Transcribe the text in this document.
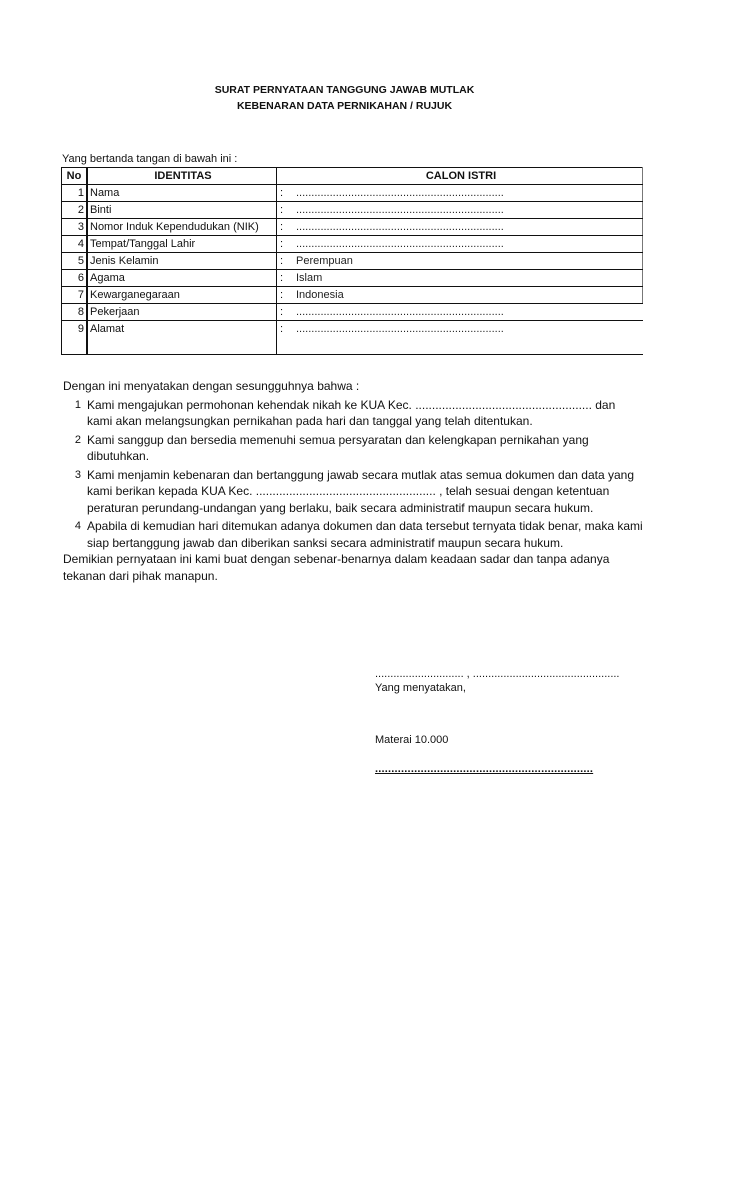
SURAT PERNYATAAN TANGGUNG JAWAB MUTLAK
KEBENARAN DATA PERNIKAHAN / RUJUK
Yang bertanda tangan di bawah ini :
No	IDENTITAS	CALON ISTRI
1	Nama	: ....................................................................
2	Binti	: ....................................................................
3	Nomor Induk Kependudukan (NIK)	: ....................................................................
4	Tempat/Tanggal Lahir	: ....................................................................
5	Jenis Kelamin	: Perempuan
6	Agama	: Islam
7	Kewarganegaraan	: Indonesia
8	Pekerjaan	: ....................................................................
9	Alamat	: ....................................................................

Dengan ini menyatakan dengan sesungguhnya bahwa :

1 Kami mengajukan permohonan kehendak nikah ke KUA Kec. ..................................................... dan kami akan melangsungkan pernikahan pada hari dan tanggal yang telah ditentukan.
2 Kami sanggup dan bersedia memenuhi semua persyaratan dan kelengkapan pernikahan yang dibutuhkan.
3 Kami menjamin kebenaran dan bertanggung jawab secara mutlak atas semua dokumen dan data yang kami berikan kepada KUA Kec. ...................................................... , telah sesuai dengan ketentuan peraturan perundang-undangan yang berlaku, baik secara administratif maupun secara hukum.
4 Apabila di kemudian hari ditemukan adanya dokumen dan data tersebut ternyata tidak benar, maka kami siap bertanggung jawab dan diberikan sanksi secara administratif maupun secara hukum.

Demikian pernyataan ini kami buat dengan sebenar-benarnya dalam keadaan sadar dan tanpa adanya tekanan dari pihak manapun.

............................. , ................................................
Yang menyatakan,
Materai 10.000
...................................................................
